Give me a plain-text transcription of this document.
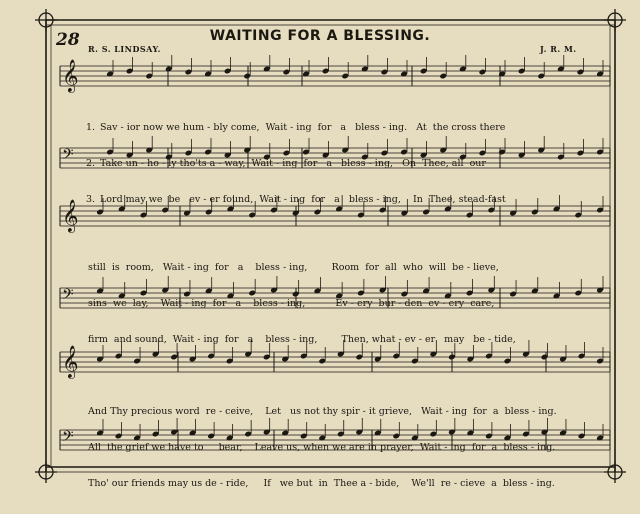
𝄞
𝄢
𝄞
𝄢
𝄞
𝄢
28	WAITING FOR A BLESSING.
R. S. LINDSAY.	J. R. M.

1. Sav - ior now we hum - bly come,  Wait - ing  for   a   bless - ing.   At  the cross there

2. Take un - ho - ly tho'ts a - way,  Wait - ing  for   a   bless - ing,   On  Thee, all  our

3. Lord may we  be   ev - er found,  Wait - ing  for   a   bless - ing,    In  Thee, stead-fast

still  is  room,   Wait - ing  for   a    bless - ing,        Room  for  all  who  will  be - lieve,

sins  we  lay,    Wait - ing  for   a    bless - ing,          Ev - ery  bur - den  ev - ery  care,

firm  and sound,  Wait - ing  for   a    bless - ing,        Then, what - ev - er   may   be - tide,

And Thy precious word  re - ceive,    Let   us not thy spir - it grieve,   Wait - ing  for  a  bless - ing.

All  the grief we have to     bear,    Leave us, when we are in prayer,  Wait - ing  for  a  bless - ing.

Tho' our friends may us de - ride,     If   we but  in  Thee a - bide,    We'll  re - cieve  a  bless - ing.
